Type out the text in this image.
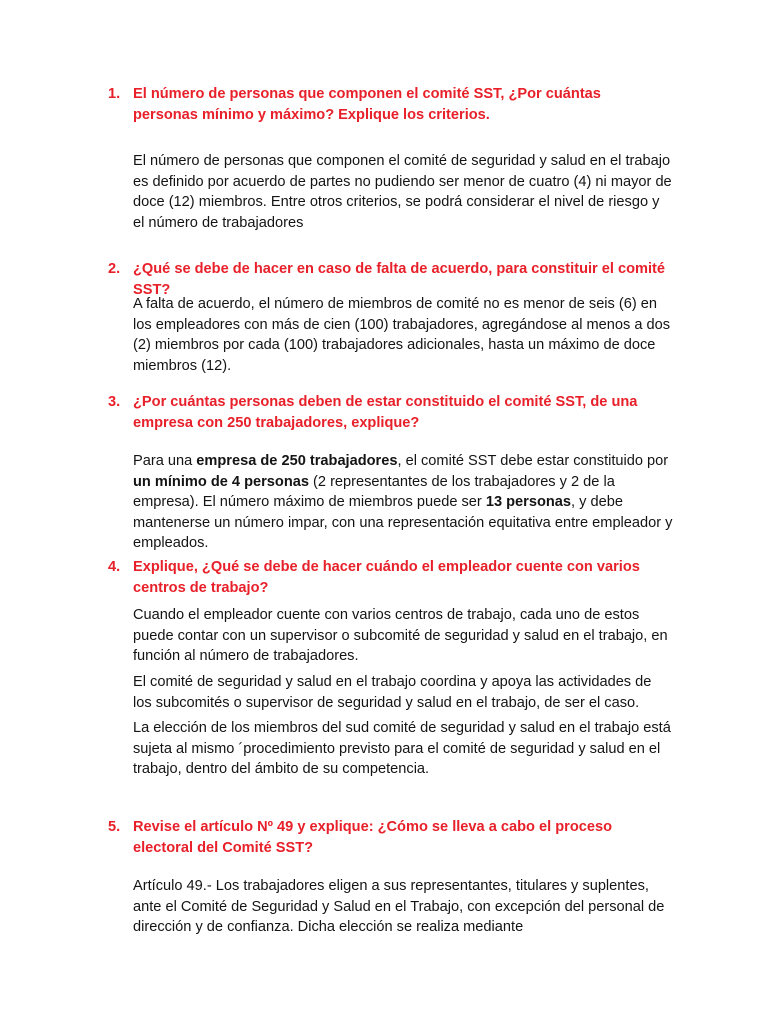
1. El número de personas que componen el comité SST, ¿Por cuántas personas mínimo y máximo? Explique los criterios.
El número de personas que componen el comité de seguridad y salud en el trabajo es definido por acuerdo de partes no pudiendo ser menor de cuatro (4) ni mayor de doce (12) miembros. Entre otros criterios, se podrá considerar el nivel de riesgo y el número de trabajadores
2. ¿Qué se debe de hacer en caso de falta de acuerdo, para constituir el comité SST?
A falta de acuerdo, el número de miembros de comité no es menor de seis (6) en los empleadores con más de cien (100) trabajadores, agregándose al menos a dos (2) miembros por cada (100) trabajadores adicionales, hasta un máximo de doce miembros (12).
3. ¿Por cuántas personas deben de estar constituido el comité SST, de una empresa con 250 trabajadores, explique?
Para una empresa de 250 trabajadores, el comité SST debe estar constituido por un mínimo de 4 personas (2 representantes de los trabajadores y 2 de la empresa). El número máximo de miembros puede ser 13 personas, y debe mantenerse un número impar, con una representación equitativa entre empleador y empleados.
4. Explique, ¿Qué se debe de hacer cuándo el empleador cuente con varios centros de trabajo?
Cuando el empleador cuente con varios centros de trabajo, cada uno de estos puede contar con un supervisor o subcomité de seguridad y salud en el trabajo, en función al número de trabajadores.
El comité de seguridad y salud en el trabajo coordina y apoya las actividades de los subcomités o supervisor de seguridad y salud en el trabajo, de ser el caso.
La elección de los miembros del sud comité de seguridad y salud en el trabajo está sujeta al mismo ´procedimiento previsto para el comité de seguridad y salud en el trabajo, dentro del ámbito de su competencia.
5. Revise el artículo Nº 49 y explique: ¿Cómo se lleva a cabo el proceso electoral del Comité SST?
Artículo 49.- Los trabajadores eligen a sus representantes, titulares y suplentes, ante el Comité de Seguridad y Salud en el Trabajo, con excepción del personal de dirección y de confianza. Dicha elección se realiza mediante
